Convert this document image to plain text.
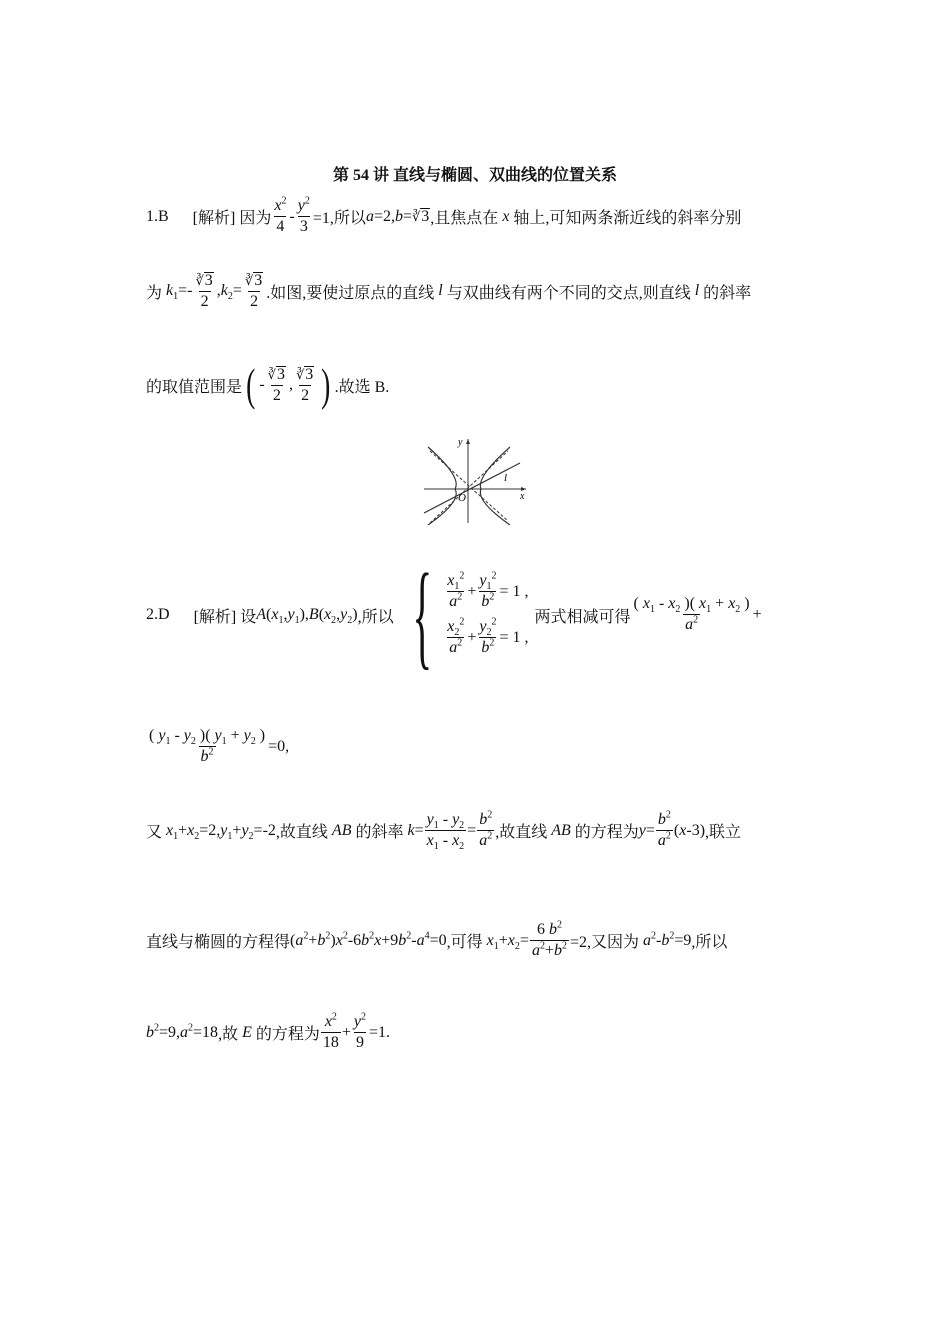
第 54 讲 直线与椭圆、双曲线的位置关系
1.B [解析] 因为 $\frac{x^2}{4} - \frac{y^2}{3} =1$,所以 a =2, b=∛3 ,且焦点在 x 轴上,可知两条渐近线的斜率分别
为 $k_1=- \frac{∛3}{2} ,k_2= \frac{∛3}{2}$ .如图,要使过原点的直线 l 与双曲线有两个不同的交点,则直线 l 的斜率
的取值范围是 ( - $\frac{∛3}{2}$ , $\frac{∛3}{2}$ ) .故选 B.
y
x
O
l
2.D [解析] 设 $A(x_1,y_1),B(x_2,y_2)$ ,所以 { $\frac{x_1^2}{a^2} + \frac{y_1^2}{b^2} = 1$ ,
$\frac{x_2^2}{a^2} + \frac{y_2^2}{b^2} = 1$ ,
两式相减可得 $\frac{( x_1 - x_2 )( x_1 + x_2 )}{a^2}$ +
$\frac{( y_1 - y_2 )( y_1 + y_2 )}{b^2} =0$,
又 $x_1+x_2=2,y_1+y_2=-2$ ,故直线 AB 的斜率 $k= \frac{y_1 - y_2}{x_1 - x_2} = \frac{b^2}{a^2}$ ,故直线 AB 的方程为 $y= \frac{b^2}{a^2} (x-3)$ ,联立
直线与椭圆的方程得 $(a^2+b^2)x^2-6b^2x+9b^2-a^4=0$ ,可得 $x_1+x_2= \frac{6 b^2}{a^2+b^2} =2$,又因为 $a^2-b^2=9$ ,所以
$b^2=9,a^2=18$ ,故 E 的方程为 $\frac{x^2}{18} + \frac{y^2}{9} =1$.
